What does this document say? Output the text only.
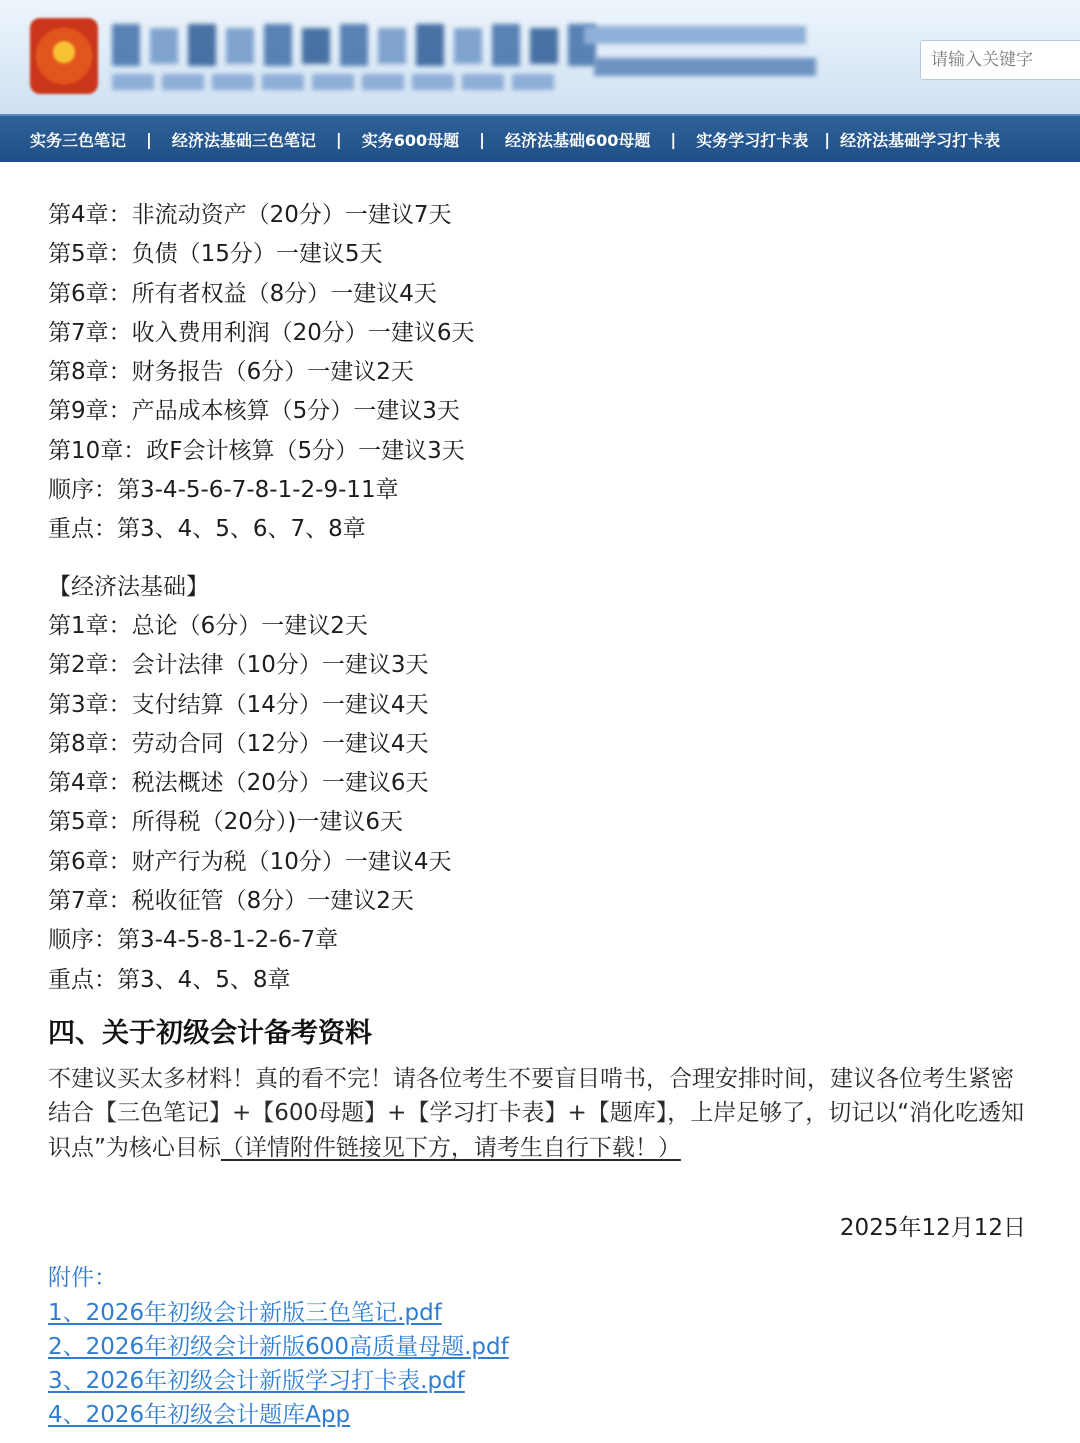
请输入关键字
实务三色笔记	|	经济法基础三色笔记	|	实务600母题	|	经济法基础600母题	|	实务学习打卡表	| 经济法基础学习打卡表
第4章：非流动资产（20分）一建议7天
第5章：负债（15分）一建议5天
第6章：所有者权益（8分）一建议4天
第7章：收入费用利润（20分）一建议6天
第8章：财务报告（6分）一建议2天
第9章：产品成本核算（5分）一建议3天
第10章：政F会计核算（5分）一建议3天
顺序：第3-4-5-6-7-8-1-2-9-11章
重点：第3、4、5、6、7、8章
【经济法基础】
第1章：总论（6分）一建议2天
第2章：会计法律（10分）一建议3天
第3章：支付结算（14分）一建议4天
第8章：劳动合同（12分）一建议4天
第4章：税法概述（20分）一建议6天
第5章：所得税（20分）)一建议6天
第6章：财产行为税（10分）一建议4天
第7章：税收征管（8分）一建议2天
顺序：第3-4-5-8-1-2-6-7章
重点：第3、4、5、8章
四、关于初级会计备考资料
不建议买太多材料！真的看不完！请各位考生不要盲目啃书，合理安排时间，建议各位考生紧密结合【三色笔记】+【600母题】+【学习打卡表】+【题库】，上岸足够了，切记以“消化吃透知识点”为核心目标（详情附件链接见下方，请考生自行下载！）
2025年12月12日
附件：
1、2026年初级会计新版三色笔记.pdf
2、2026年初级会计新版600高质量母题.pdf
3、2026年初级会计新版学习打卡表.pdf
4、2026年初级会计题库App
